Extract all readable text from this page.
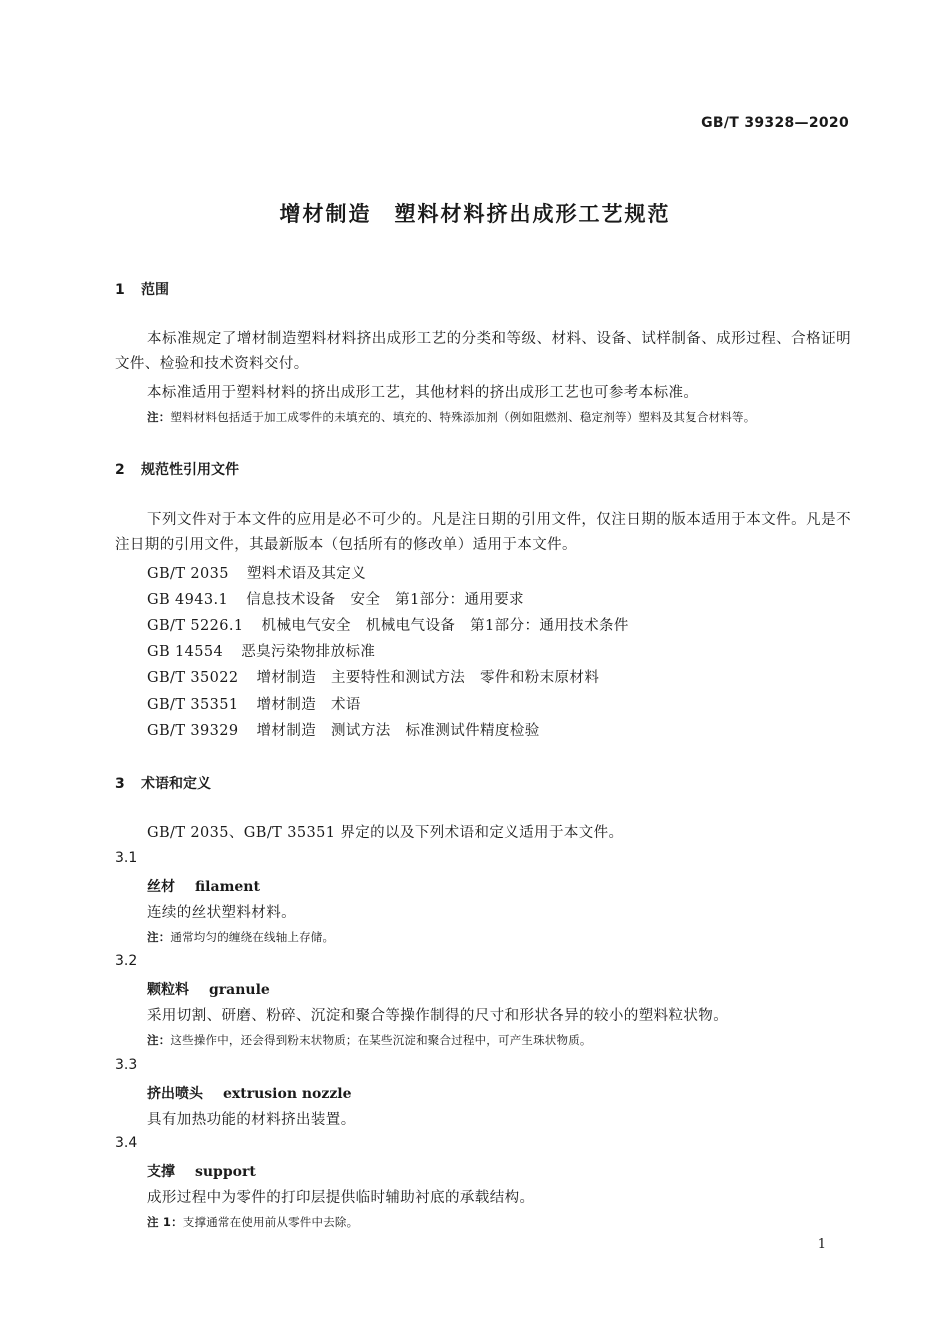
GB/T 39328—2020
增材制造　塑料材料挤出成形工艺规范
1 范围
本标准规定了增材制造塑料材料挤出成形工艺的分类和等级、材料、设备、试样制备、成形过程、合格证明文件、检验和技术资料交付。
本标准适用于塑料材料的挤出成形工艺，其他材料的挤出成形工艺也可参考本标准。
注：塑料材料包括适于加工成零件的未填充的、填充的、特殊添加剂（例如阻燃剂、稳定剂等）塑料及其复合材料等。
2 规范性引用文件
下列文件对于本文件的应用是必不可少的。凡是注日期的引用文件，仅注日期的版本适用于本文件。凡是不注日期的引用文件，其最新版本（包括所有的修改单）适用于本文件。
GB/T 2035 塑料术语及其定义
GB 4943.1 信息技术设备　安全　第1部分：通用要求
GB/T 5226.1 机械电气安全　机械电气设备　第1部分：通用技术条件
GB 14554 恶臭污染物排放标准
GB/T 35022 增材制造　主要特性和测试方法　零件和粉末原材料
GB/T 35351 增材制造　术语
GB/T 39329 增材制造　测试方法　标准测试件精度检验
3 术语和定义
GB/T 2035、GB/T 35351 界定的以及下列术语和定义适用于本文件。
3.1
丝材 filament
连续的丝状塑料材料。
注：通常均匀的缠绕在线轴上存储。
3.2
颗粒料 granule
采用切割、研磨、粉碎、沉淀和聚合等操作制得的尺寸和形状各异的较小的塑料粒状物。
注：这些操作中，还会得到粉末状物质；在某些沉淀和聚合过程中，可产生珠状物质。
3.3
挤出喷头 extrusion nozzle
具有加热功能的材料挤出装置。
3.4
支撑 support
成形过程中为零件的打印层提供临时辅助衬底的承载结构。
注 1：支撑通常在使用前从零件中去除。
1
